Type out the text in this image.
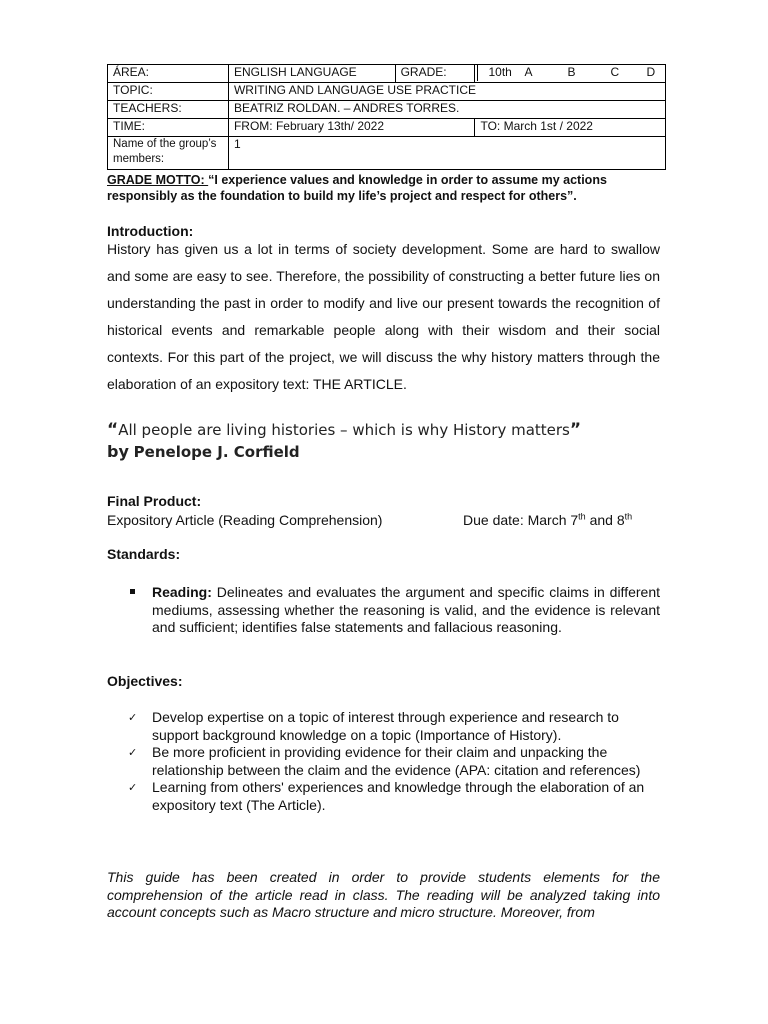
ÁREA:	ENGLISH LANGUAGE	GRADE:	10th A B C D

TOPIC:	WRITING AND LANGUAGE USE PRACTICE		
TEACHERS:	BEATRIZ ROLDAN. – ANDRES TORRES.		
TIME:	FROM: February 13th/ 2022		TO: March 1st / 2022
Name of the group’s members:	1		
GRADE MOTTO: “I experience values and knowledge in order to assume my actions responsibly as the foundation to build my life’s project and respect for others”.
Introduction:
History has given us a lot in terms of society development. Some are hard to swallow and some are easy to see. Therefore, the possibility of constructing a better future lies on understanding the past in order to modify and live our present towards the recognition of historical events and remarkable people along with their wisdom and their social contexts. For this part of the project, we will discuss the why history matters through the elaboration of an expository text: THE ARTICLE.
“All people are living histories – which is why History matters”
by Penelope J. Corfield
Final Product:
Expository Article (Reading Comprehension)	Due date: March 7th and 8th
Standards:
Reading: Delineates and evaluates the argument and specific claims in different mediums, assessing whether the reasoning is valid, and the evidence is relevant and sufficient; identifies false statements and fallacious reasoning.
Objectives:
✓ Develop expertise on a topic of interest through experience and research to support background knowledge on a topic (Importance of History).
✓ Be more proficient in providing evidence for their claim and unpacking the relationship between the claim and the evidence (APA: citation and references)
✓ Learning from others' experiences and knowledge through the elaboration of an expository text (The Article).
This guide has been created in order to provide students elements for the comprehension of the article read in class. The reading will be analyzed taking into account concepts such as Macro structure and micro structure. Moreover, from
